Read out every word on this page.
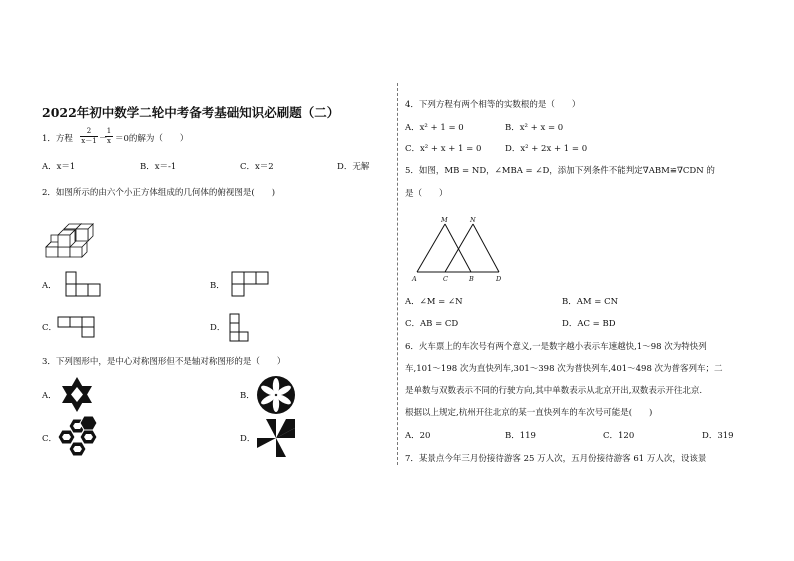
2022年初中数学二轮中考备考基础知识必刷题（二）
1．方程 $\frac{2}{x-1}$ －
$\frac{1}{x} =0$的解为（　　）
A．x＝1	B．x＝-1	C．x＝2	D．无解
2．如图所示的由六个小正方体组成的几何体的俯视图是(　　)
A．	B．
C．	D．
3．下列图形中，是中心对称图形但不是轴对称图形的是（　　）
A．	B．
C．	D．
4．下列方程有两个相等的实数根的是（　　）
A．x² + 1 = 0	B．x² + x = 0
C．x² + x + 1 = 0	D．x² + 2x + 1 = 0
5．如图，MB = ND，∠MBA = ∠D，添加下列条件不能判定∇ABM≌∇CDN 的
是（　　）
M	N
A	C	B	D
A．∠M = ∠N	B．AM = CN
C．AB = CD	D．AC = BD
6．火车票上的车次号有两个意义,一是数字越小表示车速越快,1～98 次为特快列
车,101～198 次为直快列车,301～398 次为普快列车,401～498 次为普客列车；二
是单数与双数表示不同的行驶方向,其中单数表示从北京开出,双数表示开往北京.
根据以上规定,杭州开往北京的某一直快列车的车次号可能是(　　)
A．20	B．119	C．120	D．319
7．某景点今年三月份接待游客 25 万人次，五月份接待游客 61 万人次，设该景
